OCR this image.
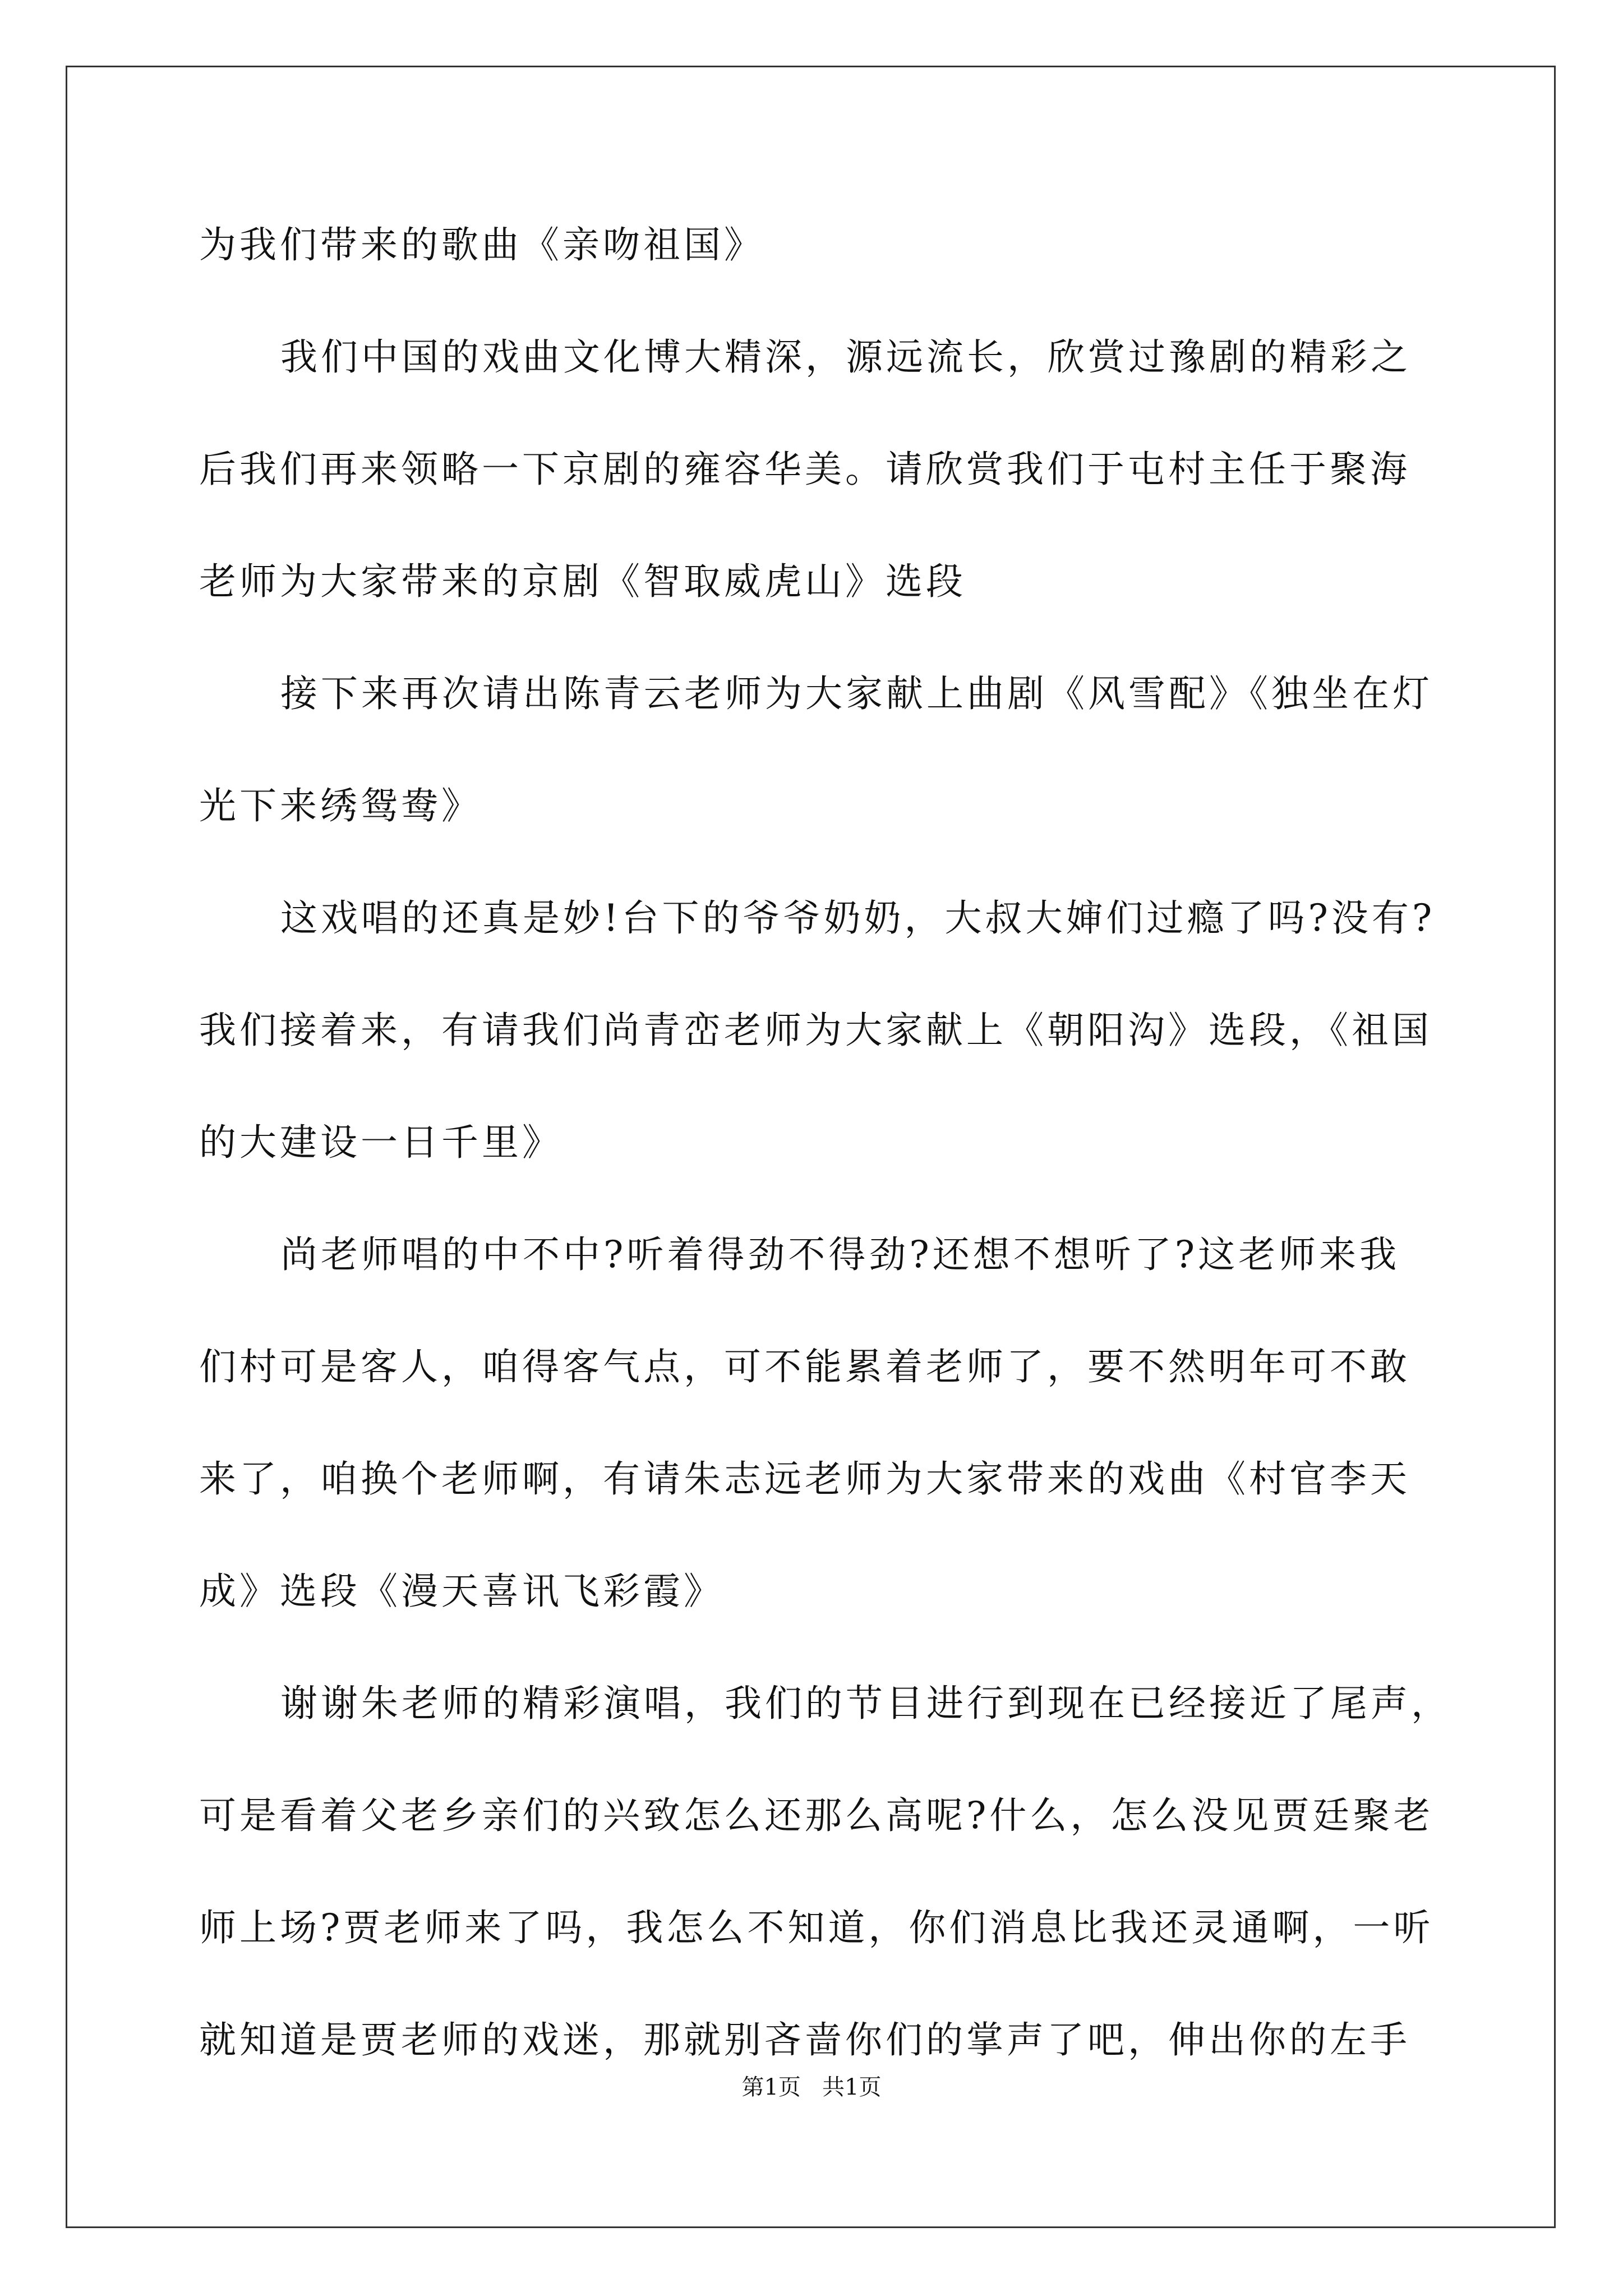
为我们带来的歌曲《亲吻祖国》
我们中国的戏曲文化博大精深，源远流长，欣赏过豫剧的精彩之
后我们再来领略一下京剧的雍容华美。请欣赏我们于屯村主任于聚海
老师为大家带来的京剧《智取威虎山》选段
接下来再次请出陈青云老师为大家献上曲剧《风雪配》《独坐在灯
光下来绣鸳鸯》
这戏唱的还真是妙!台下的爷爷奶奶，大叔大婶们过瘾了吗?没有?
我们接着来，有请我们尚青峦老师为大家献上《朝阳沟》选段，《祖国
的大建设一日千里》
尚老师唱的中不中?听着得劲不得劲?还想不想听了?这老师来我
们村可是客人，咱得客气点，可不能累着老师了，要不然明年可不敢
来了，咱换个老师啊，有请朱志远老师为大家带来的戏曲《村官李天
成》选段《漫天喜讯飞彩霞》
谢谢朱老师的精彩演唱，我们的节目进行到现在已经接近了尾声，
可是看着父老乡亲们的兴致怎么还那么高呢?什么，怎么没见贾廷聚老
师上场?贾老师来了吗，我怎么不知道，你们消息比我还灵通啊，一听
就知道是贾老师的戏迷，那就别吝啬你们的掌声了吧，伸出你的左手
第1页   共1页
